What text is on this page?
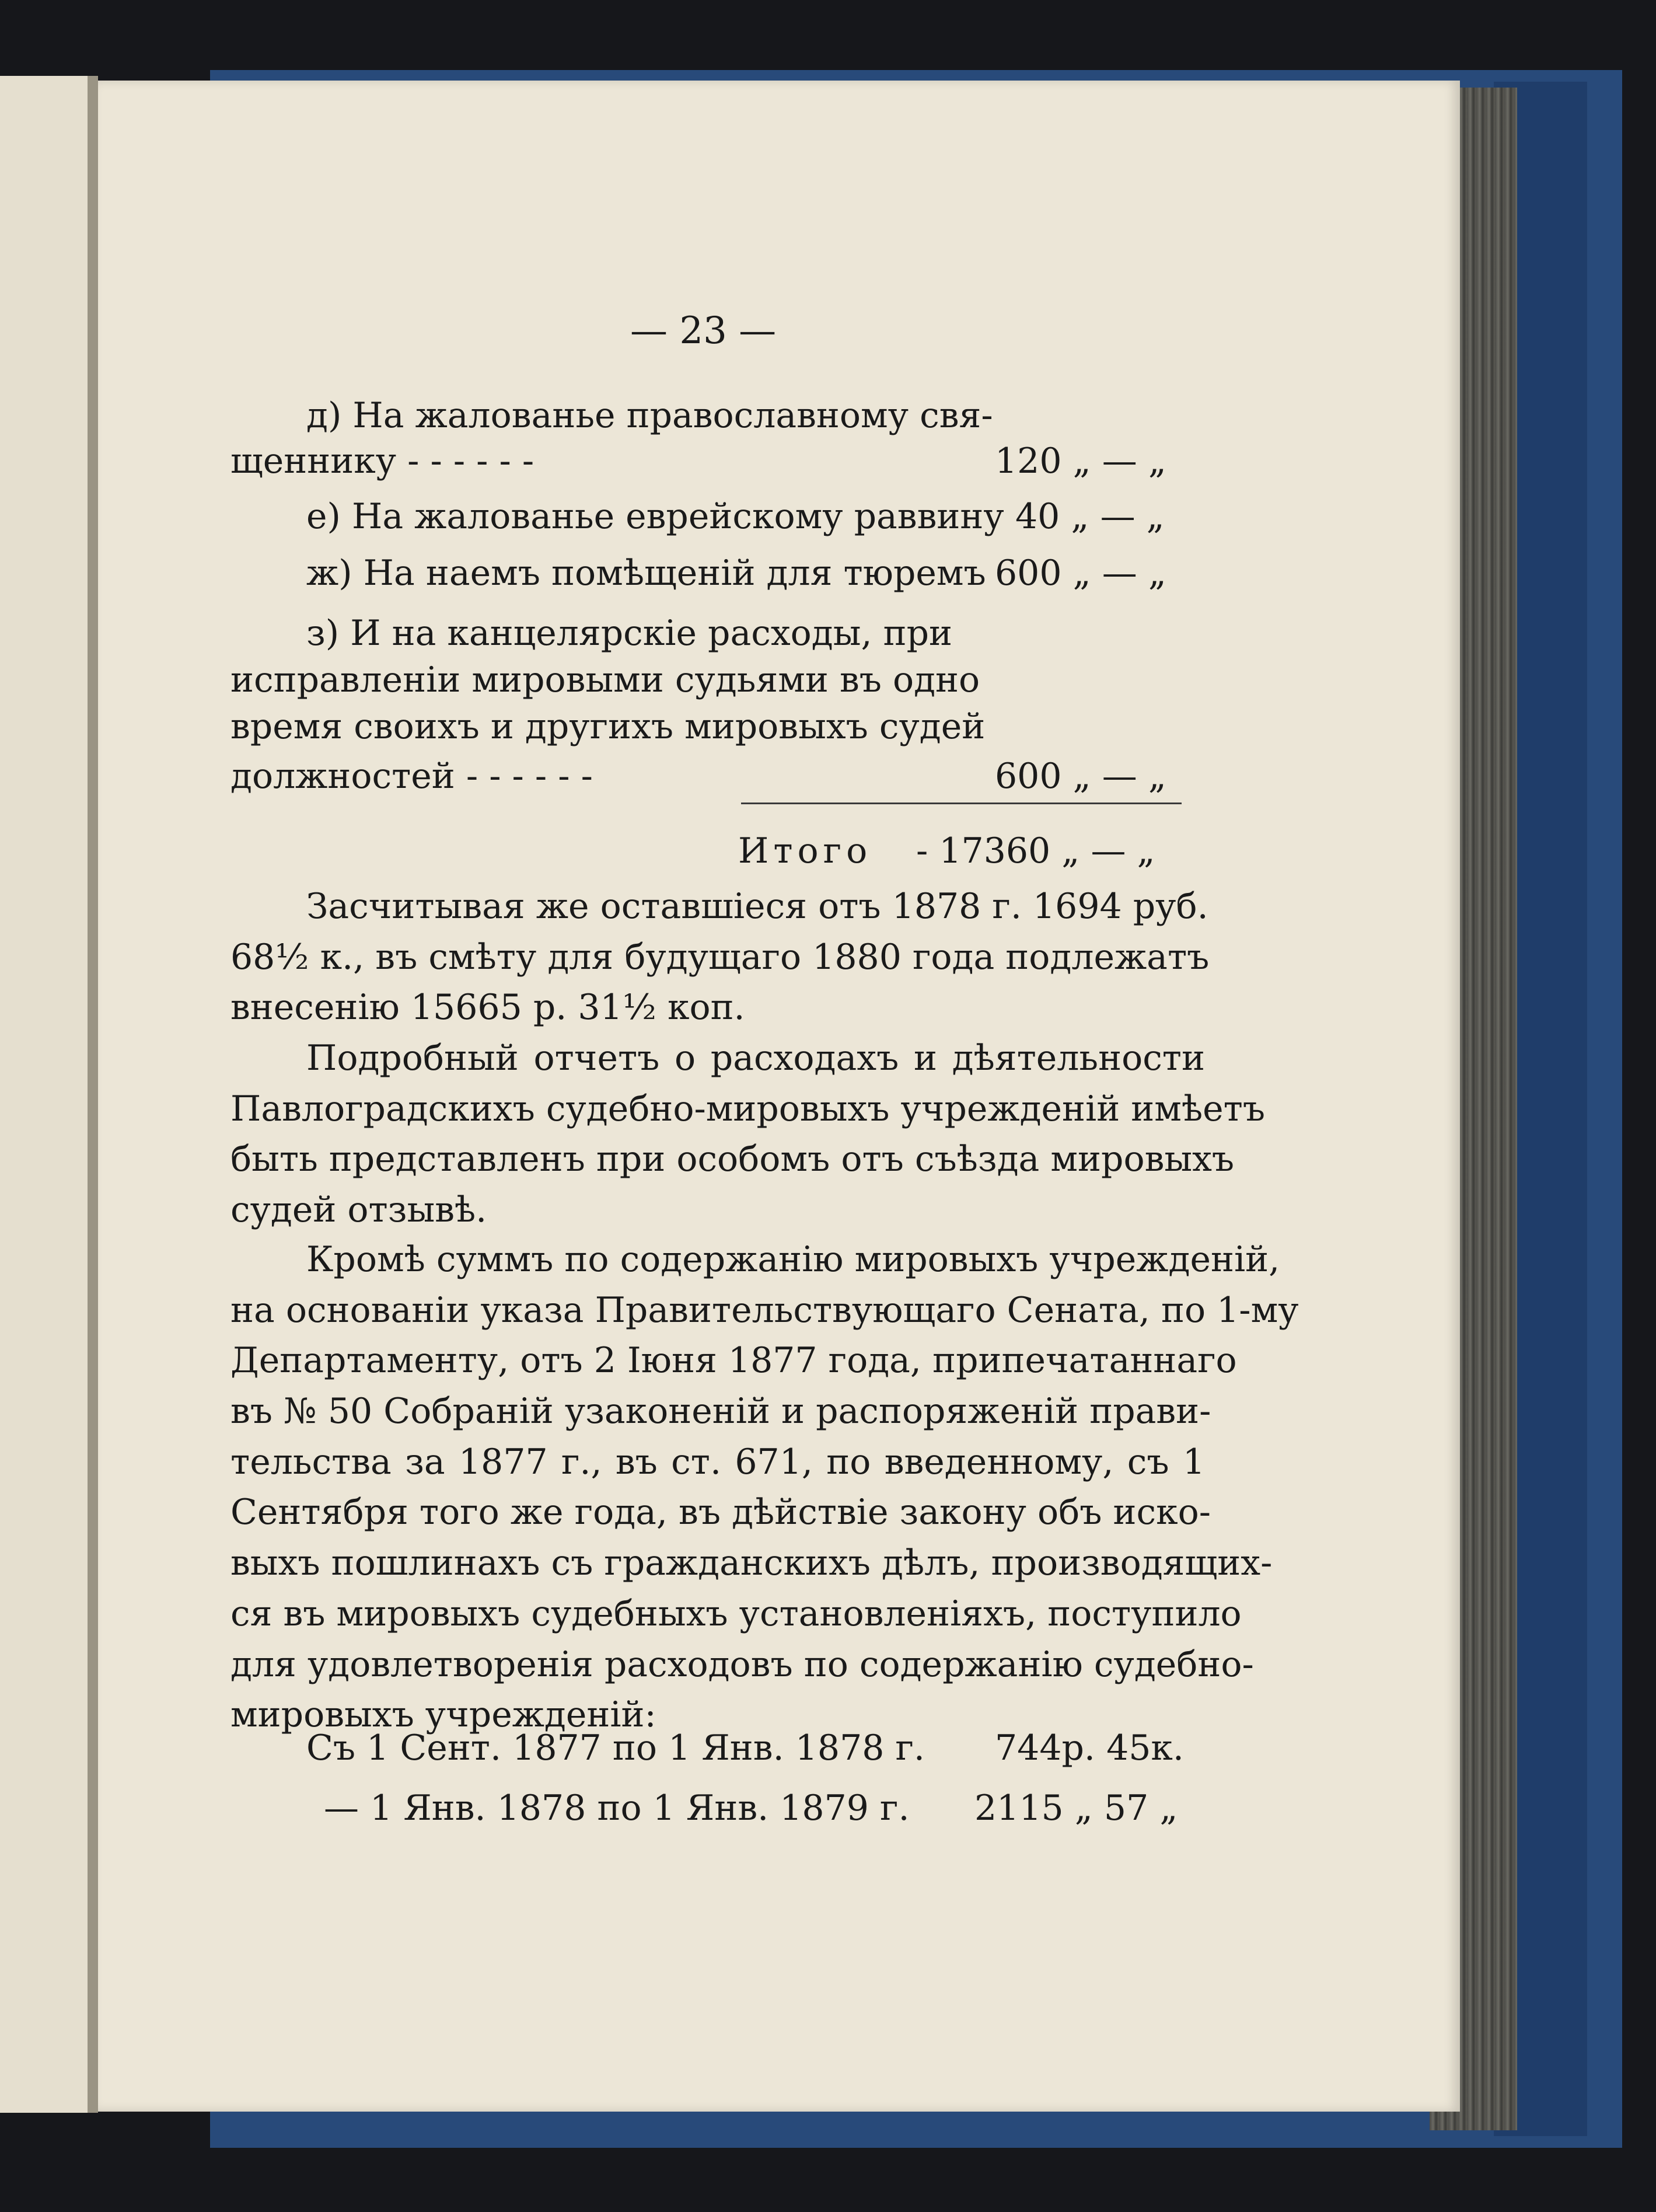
— 23 —
д) На жалованье православному свя-
щеннику - - - - - -	120 „ — „
е) На жалованье еврейскому раввину 40 „ — „
ж) На наемъ помѣщеній для тюремъ 600 „ — „
з) И на канцелярскіе расходы, при
исправленіи мировыми судьями въ одно
время своихъ и другихъ мировыхъ судей
должностей - - - - - -	600 „ — „
Итого - 17360 „ — „
Засчитывая же оставшіеся отъ 1878 г. 1694 руб.
68½ к., въ смѣту для будущаго 1880 года подлежатъ
внесенію 15665 р. 31½ коп.
Подробный отчетъ о расходахъ и дѣятельности
Павлоградскихъ судебно-мировыхъ учрежденій имѣетъ
быть представленъ при особомъ отъ съѣзда мировыхъ
судей отзывѣ.
Кромѣ суммъ по содержанію мировыхъ учрежденій,
на основаніи указа Правительствующаго Сената, по 1-му
Департаменту, отъ 2 Іюня 1877 года, припечатаннаго
въ № 50 Собраній узаконеній и распоряженій прави-
тельства за 1877 г., въ ст. 671, по введенному, съ 1
Сентября того же года, въ дѣйствіе закону объ иско-
выхъ пошлинахъ съ гражданскихъ дѣлъ, производящих-
ся въ мировыхъ судебныхъ установленіяхъ, поступило
для удовлетворенія расходовъ по содержанію судебно-
мировыхъ учрежденій:
Съ 1 Сент. 1877 по 1 Янв. 1878 г. 744р. 45к.
— 1 Янв. 1878 по 1 Янв. 1879 г. 2115 „ 57 „
